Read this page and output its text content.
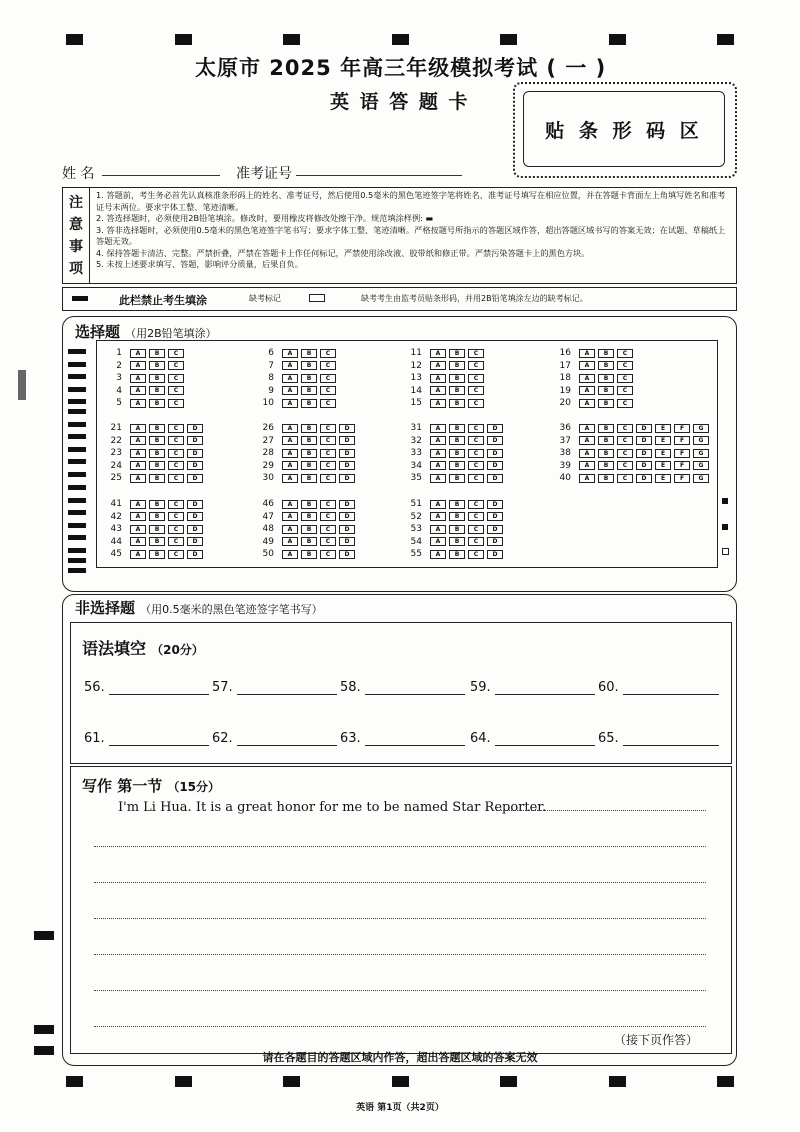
太原市 2025 年高三年级模拟考试 ( 一 )
英 语 答 题 卡
贴 条 形 码 区
姓 名	准考证号
注
意
事
项
1. 答题前，考生务必首先认真核准条形码上的姓名、准考证号，然后使用0.5毫米的黑色笔迹签字笔将姓名、准考证号填写在相应位置，并在答题卡背面左上角填写姓名和准考证号末两位。要求字体工整、笔迹清晰。
2. 答选择题时，必须使用2B铅笔填涂。修改时，要用橡皮将修改处擦干净。规范填涂样例: ▬
3. 答非选择题时，必须使用0.5毫米的黑色笔迹签字笔书写；要求字体工整、笔迹清晰。严格按题号所指示的答题区域作答，超出答题区域书写的答案无效；在试题、草稿纸上答题无效。
4. 保持答题卡清洁、完整。严禁折叠，严禁在答题卡上作任何标记，严禁使用涂改液、胶带纸和修正带。严禁污染答题卡上的黑色方块。
5. 未按上述要求填写、答题，影响评分质量，后果自负。
此栏禁止考生填涂	缺考标记	缺考考生由监考员贴条形码，并用2B铅笔填涂左边的缺考标记。
选择题 （用2B铅笔填涂）
1	A	B	C
2	A	B	C
3	A	B	C
4	A	B	C
5	A	B	C
6	A	B	C
7	A	B	C
8	A	B	C
9	A	B	C
10	A	B	C
11	A	B	C
12	A	B	C
13	A	B	C
14	A	B	C
15	A	B	C
16	A	B	C
17	A	B	C
18	A	B	C
19	A	B	C
20	A	B	C
21	A	B	C	D
22	A	B	C	D
23	A	B	C	D
24	A	B	C	D
25	A	B	C	D
26	A	B	C	D
27	A	B	C	D
28	A	B	C	D
29	A	B	C	D
30	A	B	C	D
31	A	B	C	D
32	A	B	C	D
33	A	B	C	D
34	A	B	C	D
35	A	B	C	D
36	A	B	C	D	E	F	G
37	A	B	C	D	E	F	G
38	A	B	C	D	E	F	G
39	A	B	C	D	E	F	G
40	A	B	C	D	E	F	G
41	A	B	C	D
42	A	B	C	D
43	A	B	C	D
44	A	B	C	D
45	A	B	C	D
46	A	B	C	D
47	A	B	C	D
48	A	B	C	D
49	A	B	C	D
50	A	B	C	D
51	A	B	C	D
52	A	B	C	D
53	A	B	C	D
54	A	B	C	D
55	A	B	C	D
非选择题 （用0.5毫米的黑色笔迹签字笔书写）
语法填空 （20分）
56.	57.	58.	59.	60.
61.	62.	63.	64.	65.
写作 第一节 （15分）
I'm Li Hua. It is a great honor for me to be named Star Reporter.
（接下页作答）
请在各题目的答题区域内作答，超出答题区域的答案无效
英语 第1页（共2页）
